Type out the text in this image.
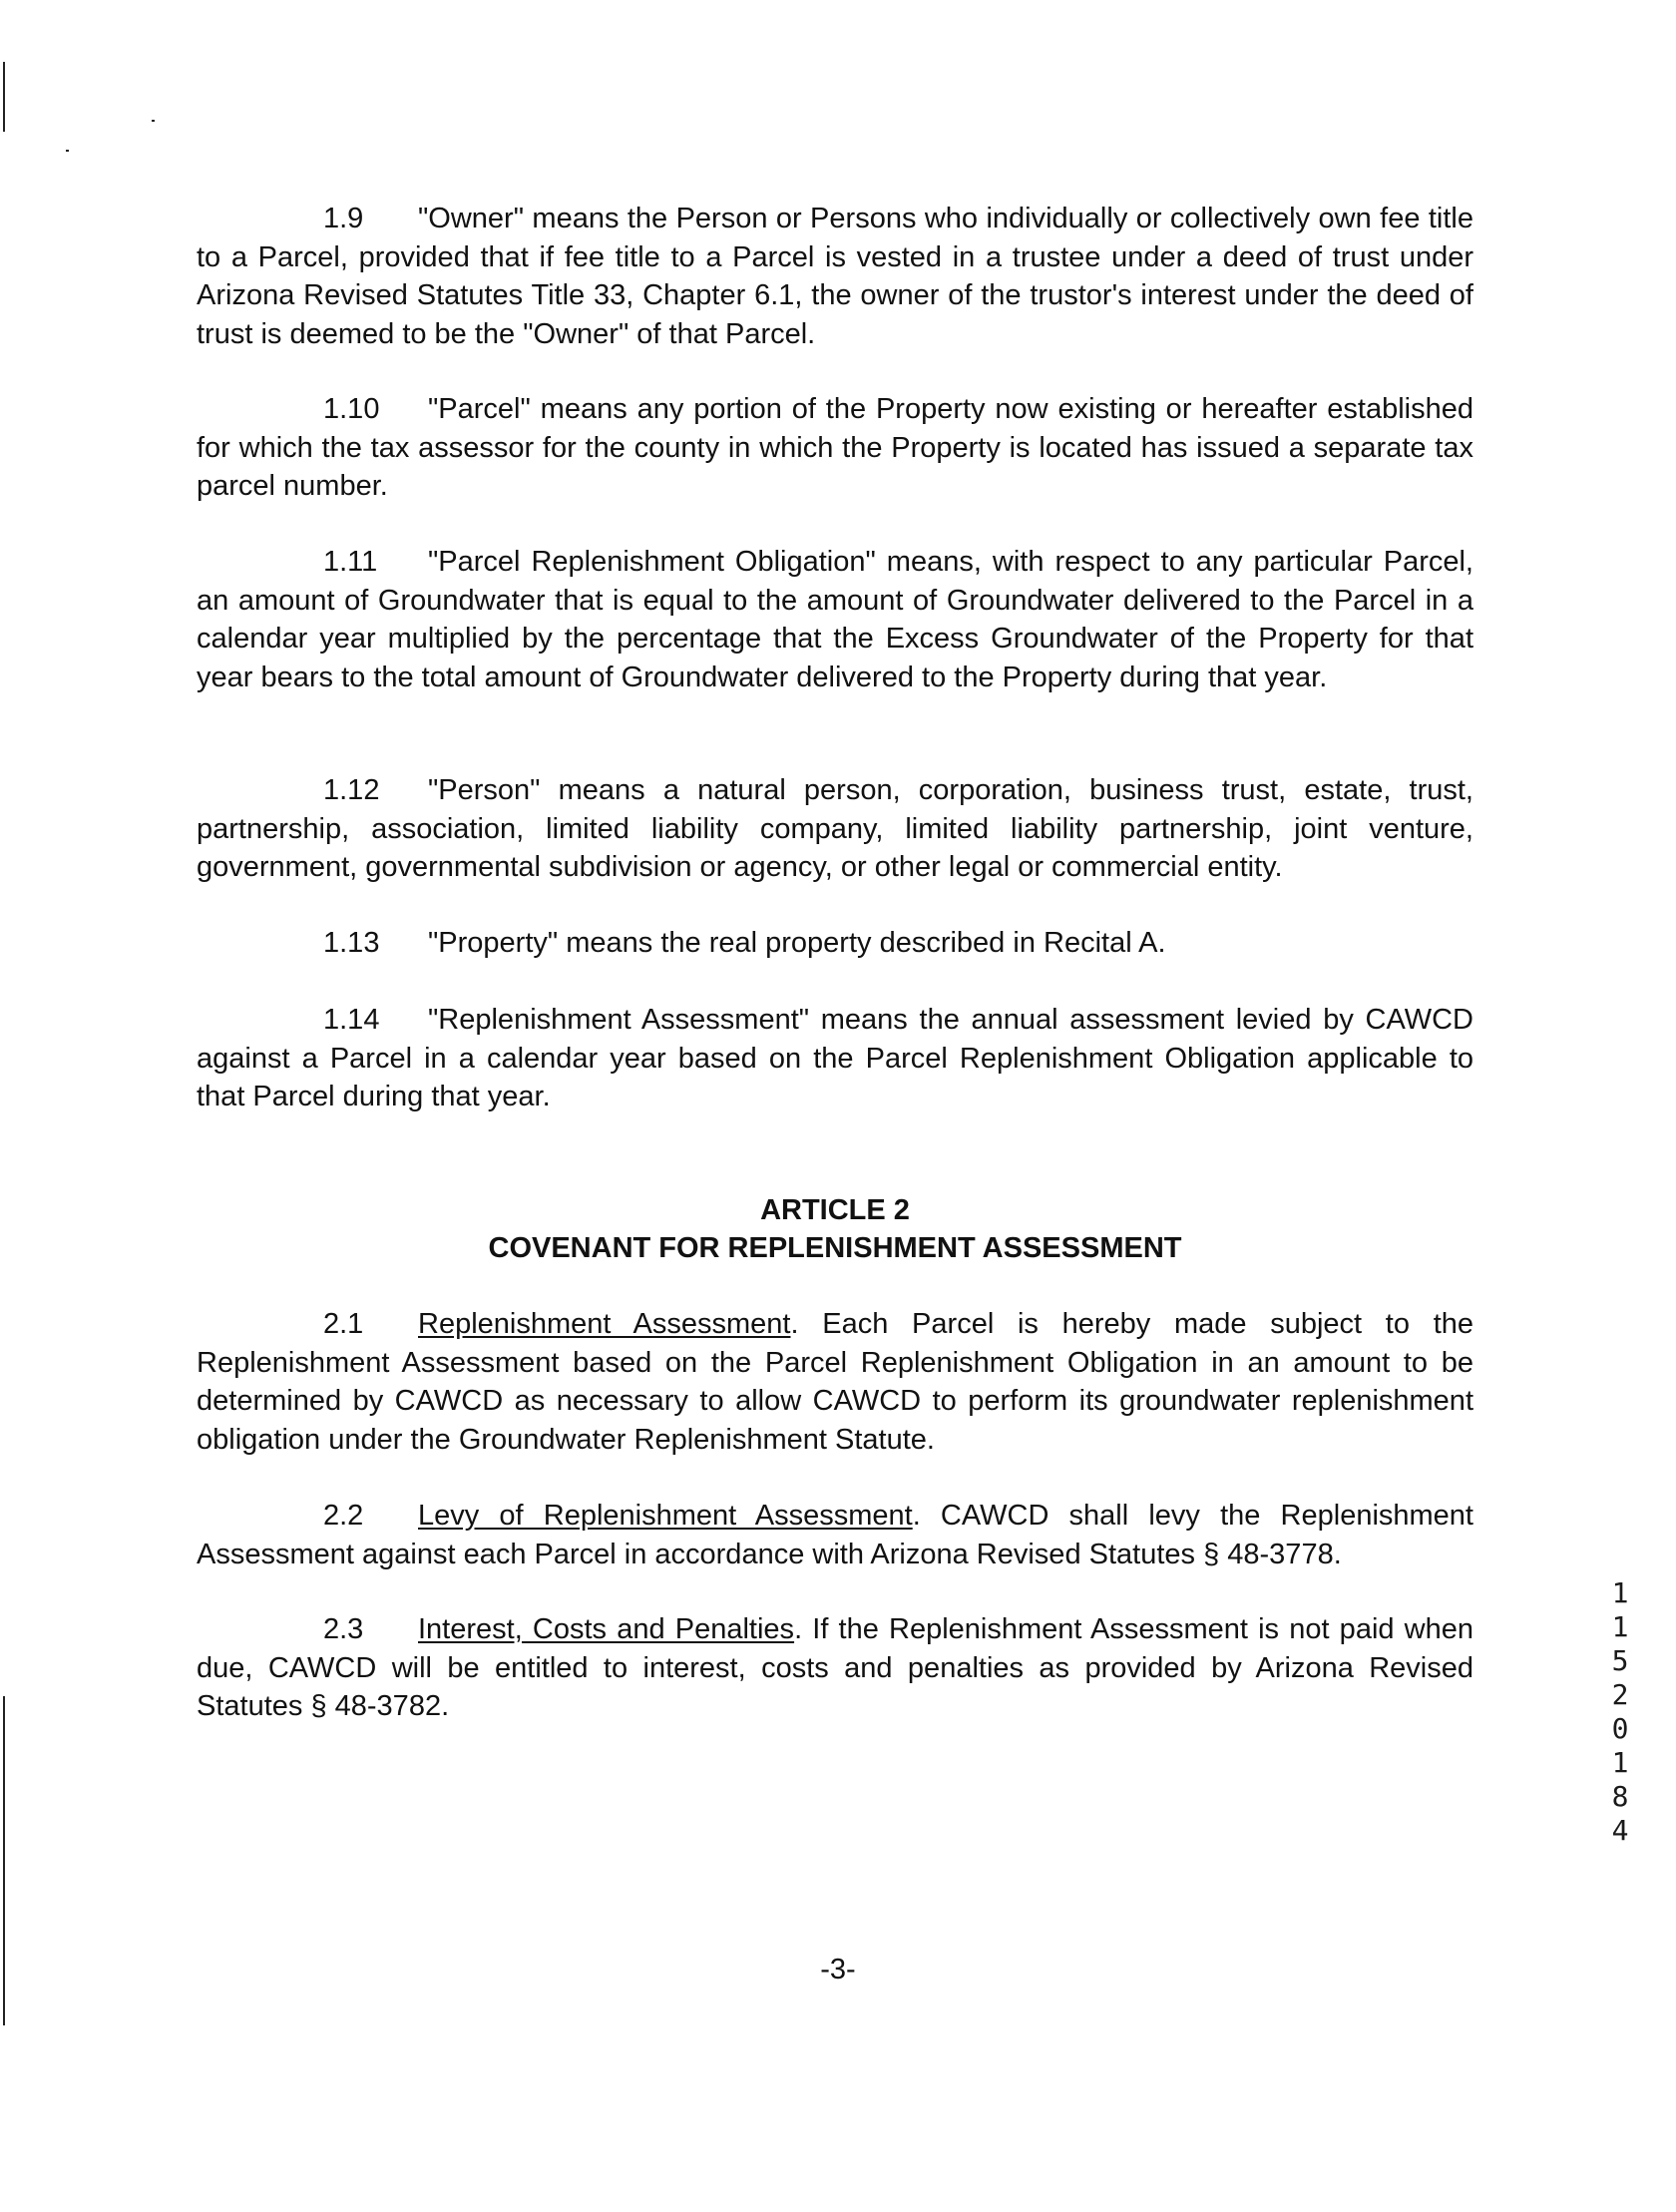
1.9 "Owner" means the Person or Persons who individually or collectively own fee title to a Parcel, provided that if fee title to a Parcel is vested in a trustee under a deed of trust under Arizona Revised Statutes Title 33, Chapter 6.1, the owner of the trustor's interest under the deed of trust is deemed to be the "Owner" of that Parcel.

1.10 "Parcel" means any portion of the Property now existing or hereafter established for which the tax assessor for the county in which the Property is located has issued a separate tax parcel number.

1.11 "Parcel Replenishment Obligation" means, with respect to any particular Parcel, an amount of Groundwater that is equal to the amount of Groundwater delivered to the Parcel in a calendar year multiplied by the percentage that the Excess Groundwater of the Property for that year bears to the total amount of Groundwater delivered to the Property during that year.

1.12 "Person" means a natural person, corporation, business trust, estate, trust, partnership, association, limited liability company, limited liability partnership, joint venture, government, governmental subdivision or agency, or other legal or commercial entity.

1.13 "Property" means the real property described in Recital A.

1.14 "Replenishment Assessment" means the annual assessment levied by CAWCD against a Parcel in a calendar year based on the Parcel Replenishment Obligation applicable to that Parcel during that year.

ARTICLE 2
COVENANT FOR REPLENISHMENT ASSESSMENT

2.1 Replenishment Assessment. Each Parcel is hereby made subject to the Replenishment Assessment based on the Parcel Replenishment Obligation in an amount to be determined by CAWCD as necessary to allow CAWCD to perform its groundwater replenishment obligation under the Groundwater Replenishment Statute.

2.2 Levy of Replenishment Assessment. CAWCD shall levy the Replenishment Assessment against each Parcel in accordance with Arizona Revised Statutes § 48-3778.

2.3 Interest, Costs and Penalties. If the Replenishment Assessment is not paid when due, CAWCD will be entitled to interest, costs and penalties as provided by Arizona Revised Statutes § 48-3782.

1152 0184
-3-
